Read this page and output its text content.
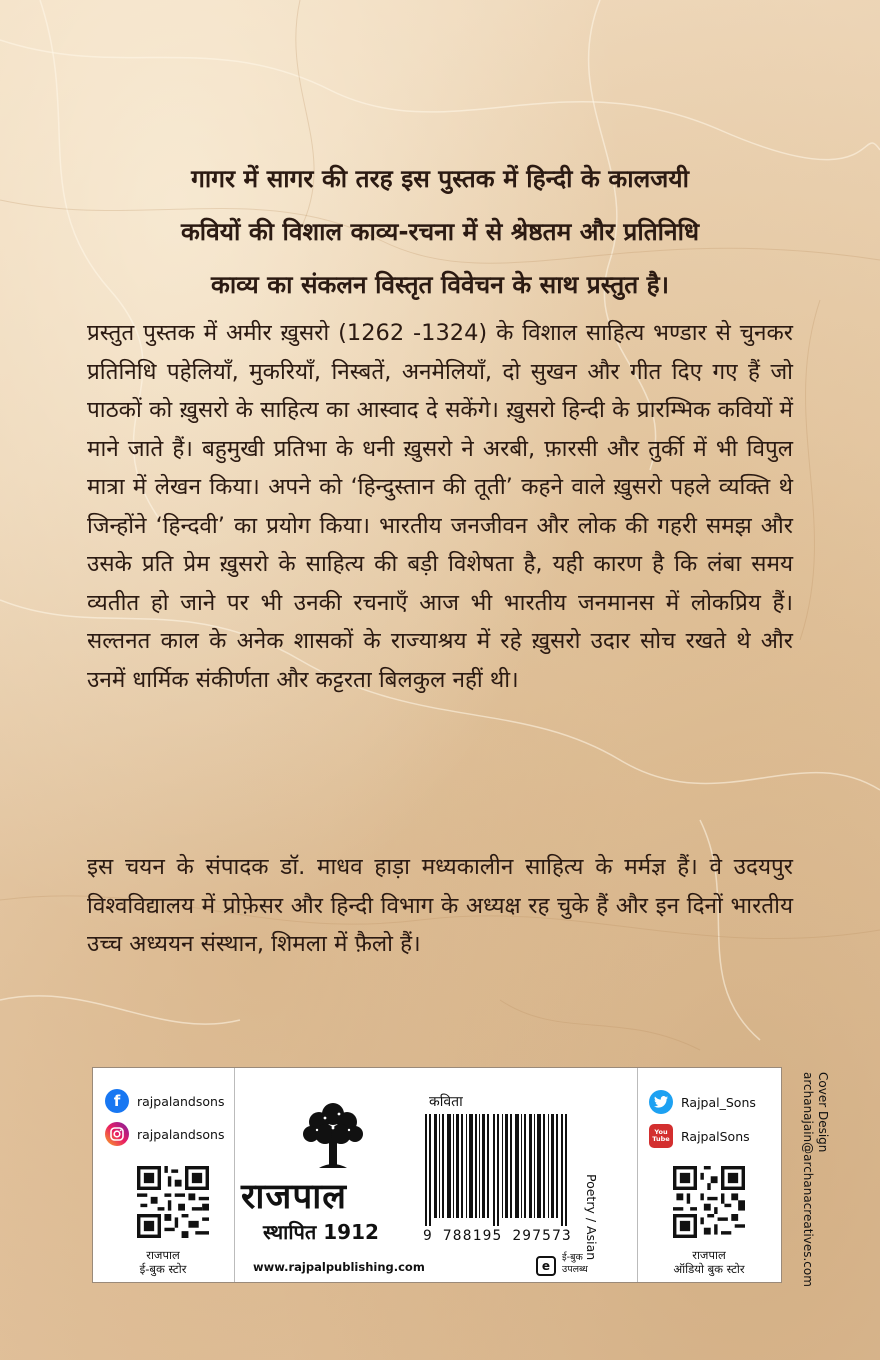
गागर में सागर की तरह इस पुस्तक में हिन्दी के कालजयी
कवियों की विशाल काव्य-रचना में से श्रेष्ठतम और प्रतिनिधि
काव्य का संकलन विस्तृत विवेचन के साथ प्रस्तुत है।

प्रस्तुत पुस्तक में अमीर ख़ुसरो (1262 -1324) के विशाल साहित्य भण्डार से चुनकर प्रतिनिधि पहेलियाँ, मुकरियाँ, निस्बतें, अनमेलियाँ, दो सुखन और गीत दिए गए हैं जो पाठकों को ख़ुसरो के साहित्य का आस्वाद दे सकेंगे। ख़ुसरो हिन्दी के प्रारम्भिक कवियों में माने जाते हैं। बहुमुखी प्रतिभा के धनी ख़ुसरो ने अरबी, फ़ारसी और तुर्की में भी विपुल मात्रा में लेखन किया। अपने को ‘हिन्दुस्तान की तूती’ कहने वाले ख़ुसरो पहले व्यक्ति थे जिन्होंने ‘हिन्दवी’ का प्रयोग किया। भारतीय जनजीवन और लोक की गहरी समझ और उसके प्रति प्रेम ख़ुसरो के साहित्य की बड़ी विशेषता है, यही कारण है कि लंबा समय व्यतीत हो जाने पर भी उनकी रचनाएँ आज भी भारतीय जनमानस में लोकप्रिय हैं। सल्तनत काल के अनेक शासकों के राज्याश्रय में रहे ख़ुसरो उदार सोच रखते थे और उनमें धार्मिक संकीर्णता और कट्टरता बिलकुल नहीं थी।

इस चयन के संपादक डॉ. माधव हाड़ा मध्यकालीन साहित्य के मर्मज्ञ हैं। वे उदयपुर विश्वविद्यालय में प्रोफ़ेसर और हिन्दी विभाग के अध्यक्ष रह चुके हैं और इन दिनों भारतीय उच्च अध्ययन संस्थान, शिमला में फ़ैलो हैं।

f	rajpalandsons
rajpalandsons
राजपाल
ई-बुक स्टोर
राजपाल
स्थापित 1912
www.rajpalpublishing.com
कविता
9 788195 297573 Poetry / Asian
e
ई-बुक
उपलब्ध
Rajpal_Sons
You Tube RajpalSons
राजपाल
ऑडियो बुक स्टोर
Cover Design
archanajain@archanacreatives.com
